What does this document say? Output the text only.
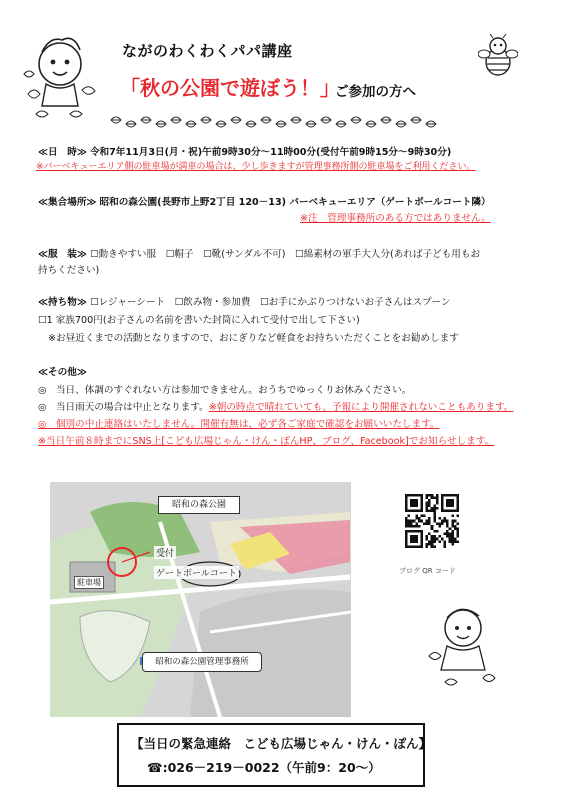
ながのわくわくパパ講座
「秋の公園で遊ぼう！」
ご参加の方へ
≪日　時≫ 令和7年11月3日(月・祝)午前9時30分～11時00分(受付午前9時15分～9時30分)
※バーベキューエリア側の駐車場が満車の場合は、少し歩きますが管理事務所側の駐車場をご利用ください。
≪集合場所≫ 昭和の森公園(長野市上野2丁目 120－13) バーベキューエリア（ゲートボールコート隣）
※注　管理事務所のある方ではありません。
≪服　装≫ ☐動きやすい服　☐帽子　☐靴(サンダル不可)　☐綿素材の軍手大人分(あれば子ども用もお
持ちください)
≪持ち物≫ ☐レジャーシート　☐飲み物・参加費　☐お手にかぶりつけないお子さんはスプーン
☐1 家族700円(お子さんの名前を書いた封筒に入れて受付で出して下さい)
※お昼近くまでの活動となりますので、おにぎりなど軽食をお持ちいただくことをお勧めします
≪その他≫
◎　当日、体調のすぐれない方は参加できません。おうちでゆっくりお休みください。
◎　当日雨天の場合は中止となります。※朝の時点で晴れていても、予報により開催されないこともあります。
◎　個別の中止連絡はいたしません。開催有無は、必ず各ご家庭で確認をお願いいたします。
※当日午前８時までにSNS上[こども広場じゃん・けん・ぽんHP、ブログ、Facebook]でお知らせします。
昭和の森公園
受付
ゲートボールコート
駐車場
昭和の森公園管理事務所
ブログ QR コード
【当日の緊急連絡　こども広場じゃん・けん・ぽん】
☎:026－219－0022（午前9：20～）
